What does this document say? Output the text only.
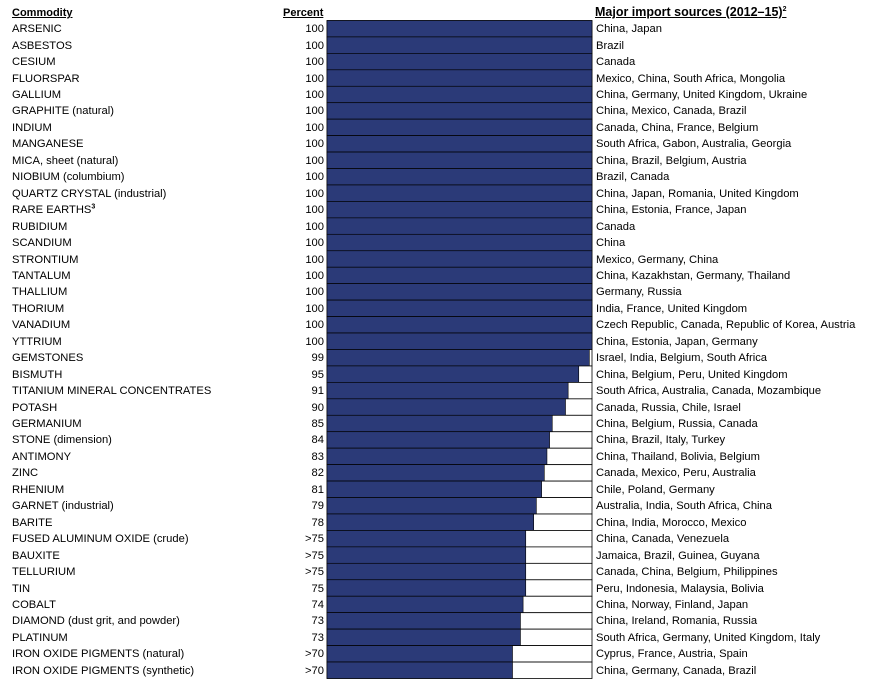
Commodity	Percent	Major import sources (2012–15)$^2$
ARSENIC	100	China, Japan
ASBESTOS	100	Brazil
CESIUM	100	Canada
FLUORSPAR	100	Mexico, China, South Africa, Mongolia
GALLIUM	100	China, Germany, United Kingdom, Ukraine
GRAPHITE (natural)	100	China, Mexico, Canada, Brazil
INDIUM	100	Canada, China, France, Belgium
MANGANESE	100	South Africa, Gabon, Australia, Georgia
MICA, sheet (natural)	100	China, Brazil, Belgium, Austria
NIOBIUM (columbium)	100	Brazil, Canada
QUARTZ CRYSTAL (industrial)	100	China, Japan, Romania, United Kingdom
RARE EARTHS$^3$	100	China, Estonia, France, Japan
RUBIDIUM	100	Canada
SCANDIUM	100	China
STRONTIUM	100	Mexico, Germany, China
TANTALUM	100	China, Kazakhstan, Germany, Thailand
THALLIUM	100	Germany, Russia
THORIUM	100	India, France, United Kingdom
VANADIUM	100	Czech Republic, Canada, Republic of Korea, Austria
YTTRIUM	100	China, Estonia, Japan, Germany
GEMSTONES	99	Israel, India, Belgium, South Africa
BISMUTH	95	China, Belgium, Peru, United Kingdom
TITANIUM MINERAL CONCENTRATES	91	South Africa, Australia, Canada, Mozambique
POTASH	90	Canada, Russia, Chile, Israel
GERMANIUM	85	China, Belgium, Russia, Canada
STONE (dimension)	84	China, Brazil, Italy, Turkey
ANTIMONY	83	China, Thailand, Bolivia, Belgium
ZINC	82	Canada, Mexico, Peru, Australia
RHENIUM	81	Chile, Poland, Germany
GARNET (industrial)	79	Australia, India, South Africa, China
BARITE	78	China, India, Morocco, Mexico
FUSED ALUMINUM OXIDE (crude)	>75	China, Canada, Venezuela
BAUXITE	>75	Jamaica, Brazil, Guinea, Guyana
TELLURIUM	>75	Canada, China, Belgium, Philippines
TIN	75	Peru, Indonesia, Malaysia, Bolivia
COBALT	74	China, Norway, Finland, Japan
DIAMOND (dust grit, and powder)	73	China, Ireland, Romania, Russia
PLATINUM	73	South Africa, Germany, United Kingdom, Italy
IRON OXIDE PIGMENTS (natural)	>70	Cyprus, France, Austria, Spain
IRON OXIDE PIGMENTS (synthetic)	>70	China, Germany, Canada, Brazil
